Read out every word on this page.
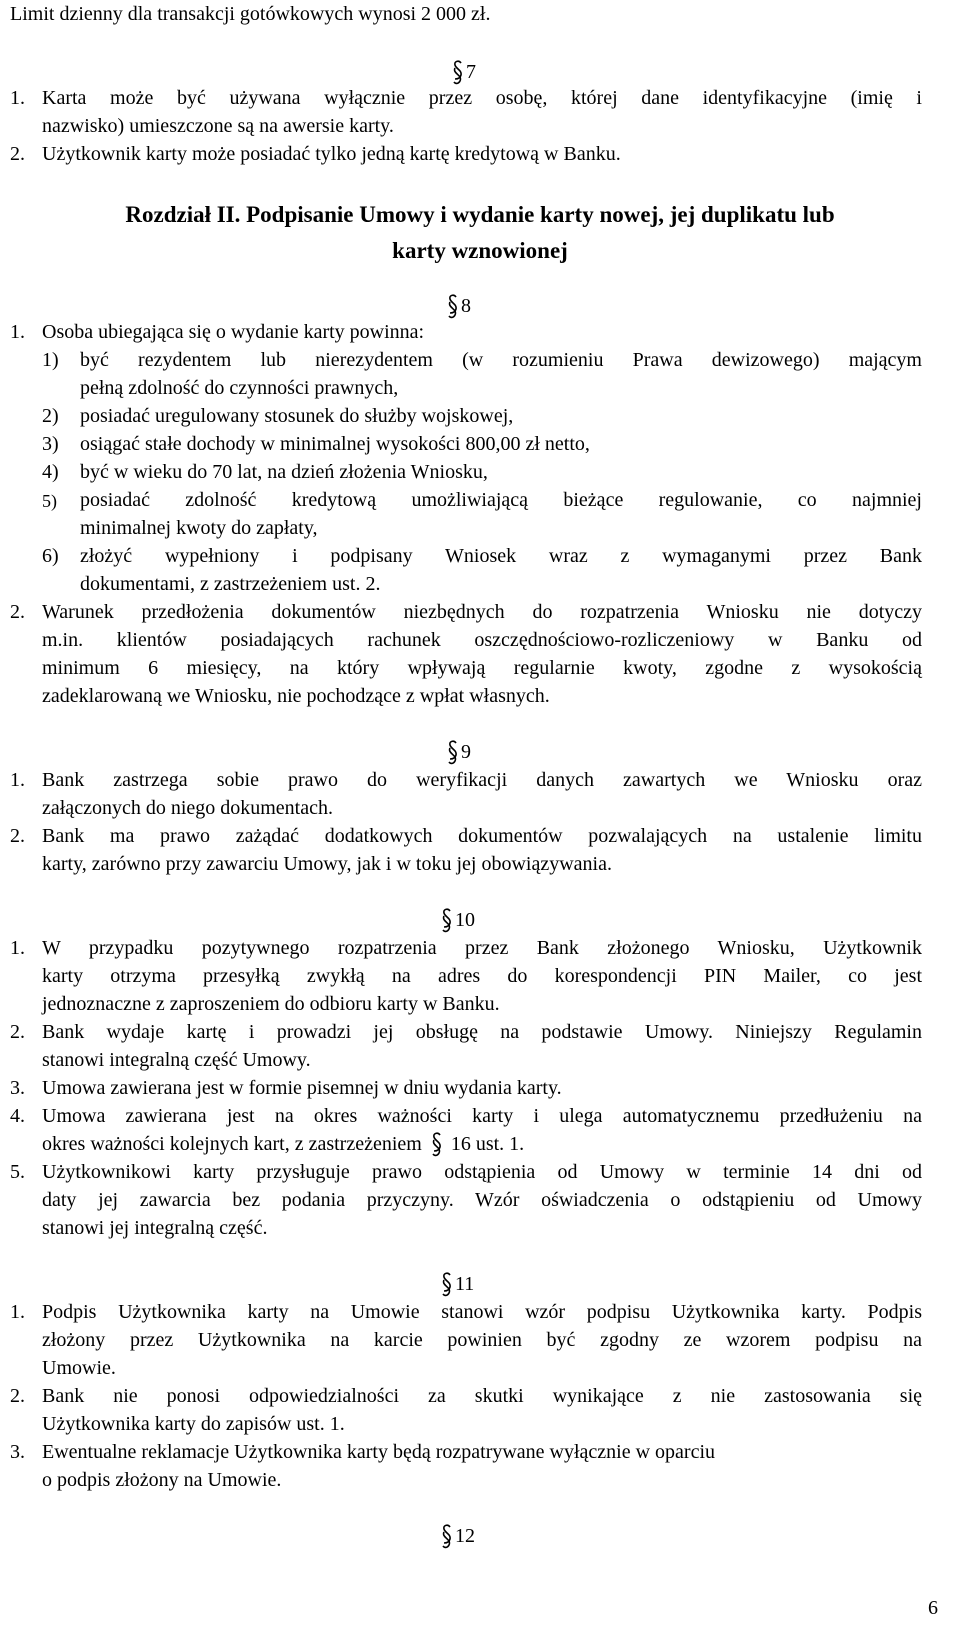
Limit dzienny dla transakcji gotówkowych wynosi 2 000 zł.
7
1. Karta może być używana wyłącznie przez osobę, której dane identyfikacyjne (imię i
nazwisko) umieszczone są na awersie karty.
2. Użytkownik karty może posiadać tylko jedną kartę kredytową w Banku.
Rozdział II. Podpisanie Umowy i wydanie karty nowej, jej duplikatu lub
karty wznowionej
8
1. Osoba ubiegająca się o wydanie karty powinna:
1) być rezydentem lub nierezydentem (w rozumieniu Prawa dewizowego) mającym
pełną zdolność do czynności prawnych,
2) posiadać uregulowany stosunek do służby wojskowej,
3) osiągać stałe dochody w minimalnej wysokości 800,00 zł netto,
4) być w wieku do 70 lat, na dzień złożenia Wniosku,
5) posiadać zdolność kredytową umożliwiającą bieżące regulowanie, co najmniej
minimalnej kwoty do zapłaty,
6) złożyć wypełniony i podpisany Wniosek wraz z wymaganymi przez Bank
dokumentami, z zastrzeżeniem ust. 2.
2. Warunek przedłożenia dokumentów niezbędnych do rozpatrzenia Wniosku nie dotyczy
m.in. klientów posiadających rachunek oszczędnościowo-rozliczeniowy w Banku od
minimum 6 miesięcy, na który wpływają regularnie kwoty, zgodne z wysokością
zadeklarowaną we Wniosku, nie pochodzące z wpłat własnych.
9
1. Bank zastrzega sobie prawo do weryfikacji danych zawartych we Wniosku oraz
załączonych do niego dokumentach.
2. Bank ma prawo zażądać dodatkowych dokumentów pozwalających na ustalenie limitu
karty, zarówno przy zawarciu Umowy, jak i w toku jej obowiązywania.
10
1. W przypadku pozytywnego rozpatrzenia przez Bank złożonego Wniosku, Użytkownik
karty otrzyma przesyłką zwykłą na adres do korespondencji PIN Mailer, co jest
jednoznaczne z zaproszeniem do odbioru karty w Banku.
2. Bank wydaje kartę i prowadzi jej obsługę na podstawie Umowy. Niniejszy Regulamin
stanowi integralną część Umowy.
3. Umowa zawierana jest w formie pisemnej w dniu wydania karty.
4. Umowa zawierana jest na okres ważności karty i ulega automatycznemu przedłużeniu na
okres ważności kolejnych kart, z zastrzeżeniem 16 ust. 1.
5. Użytkownikowi karty przysługuje prawo odstąpienia od Umowy w terminie 14 dni od
daty jej zawarcia bez podania przyczyny. Wzór oświadczenia o odstąpieniu od Umowy
stanowi jej integralną część.
11
1. Podpis Użytkownika karty na Umowie stanowi wzór podpisu Użytkownika karty. Podpis
złożony przez Użytkownika na karcie powinien być zgodny ze wzorem podpisu na
Umowie.
2. Bank nie ponosi odpowiedzialności za skutki wynikające z nie zastosowania się
Użytkownika karty do zapisów ust. 1.
3. Ewentualne reklamacje Użytkownika karty będą rozpatrywane wyłącznie w oparciu
o podpis złożony na Umowie.
12
6
